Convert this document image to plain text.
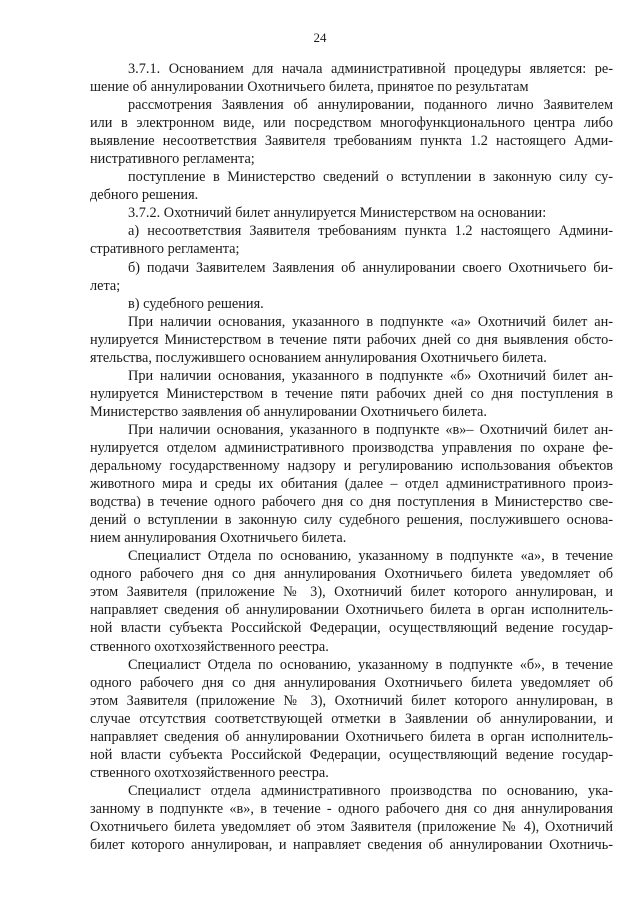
24
3.7.1. Основанием для начала административной процедуры является: ре-
шение об аннулировании Охотничьего билета, принятое по результатам
рассмотрения Заявления об аннулировании, поданного лично Заявителем
или в электронном виде, или посредством многофункционального центра либо
выявление несоответствия Заявителя требованиям пункта 1.2 настоящего Адми-
нистративного регламента;
поступление в Министерство сведений о вступлении в законную силу су-
дебного решения.
3.7.2. Охотничий билет аннулируется Министерством на основании:
а) несоответствия Заявителя требованиям пункта 1.2 настоящего Админи-
стративного регламента;
б) подачи Заявителем Заявления об аннулировании своего Охотничьего би-
лета;
в) судебного решения.
При наличии основания, указанного в подпункте «а» Охотничий билет ан-
нулируется Министерством в течение пяти рабочих дней со дня выявления обсто-
ятельства, послужившего основанием аннулирования Охотничьего билета.
При наличии основания, указанного в подпункте «б» Охотничий билет ан-
нулируется Министерством в течение пяти рабочих дней со дня поступления в
Министерство заявления об аннулировании Охотничьего билета.
При наличии основания, указанного в подпункте «в»– Охотничий билет ан-
нулируется отделом административного производства управления по охране фе-
деральному государственному надзору и регулированию использования объектов
животного мира и среды их обитания (далее – отдел административного произ-
водства) в течение одного рабочего дня со дня поступления в Министерство све-
дений о вступлении в законную силу судебного решения, послужившего основа-
нием аннулирования Охотничьего билета.
Специалист Отдела по основанию, указанному в подпункте «а», в течение
одного рабочего дня со дня аннулирования Охотничьего билета уведомляет об
этом Заявителя (приложение № 3), Охотничий билет которого аннулирован, и
направляет сведения об аннулировании Охотничьего билета в орган исполнитель-
ной власти субъекта Российской Федерации, осуществляющий ведение государ-
ственного охотхозяйственного реестра.
Специалист Отдела по основанию, указанному в подпункте «б», в течение
одного рабочего дня со дня аннулирования Охотничьего билета уведомляет об
этом Заявителя (приложение № 3), Охотничий билет которого аннулирован, в
случае отсутствия соответствующей отметки в Заявлении об аннулировании, и
направляет сведения об аннулировании Охотничьего билета в орган исполнитель-
ной власти субъекта Российской Федерации, осуществляющий ведение государ-
ственного охотхозяйственного реестра.
Специалист отдела административного производства по основанию, ука-
занному в подпункте «в», в течение - одного рабочего дня со дня аннулирования
Охотничьего билета уведомляет об этом Заявителя (приложение № 4), Охотничий
билет которого аннулирован, и направляет сведения об аннулировании Охотничь-
